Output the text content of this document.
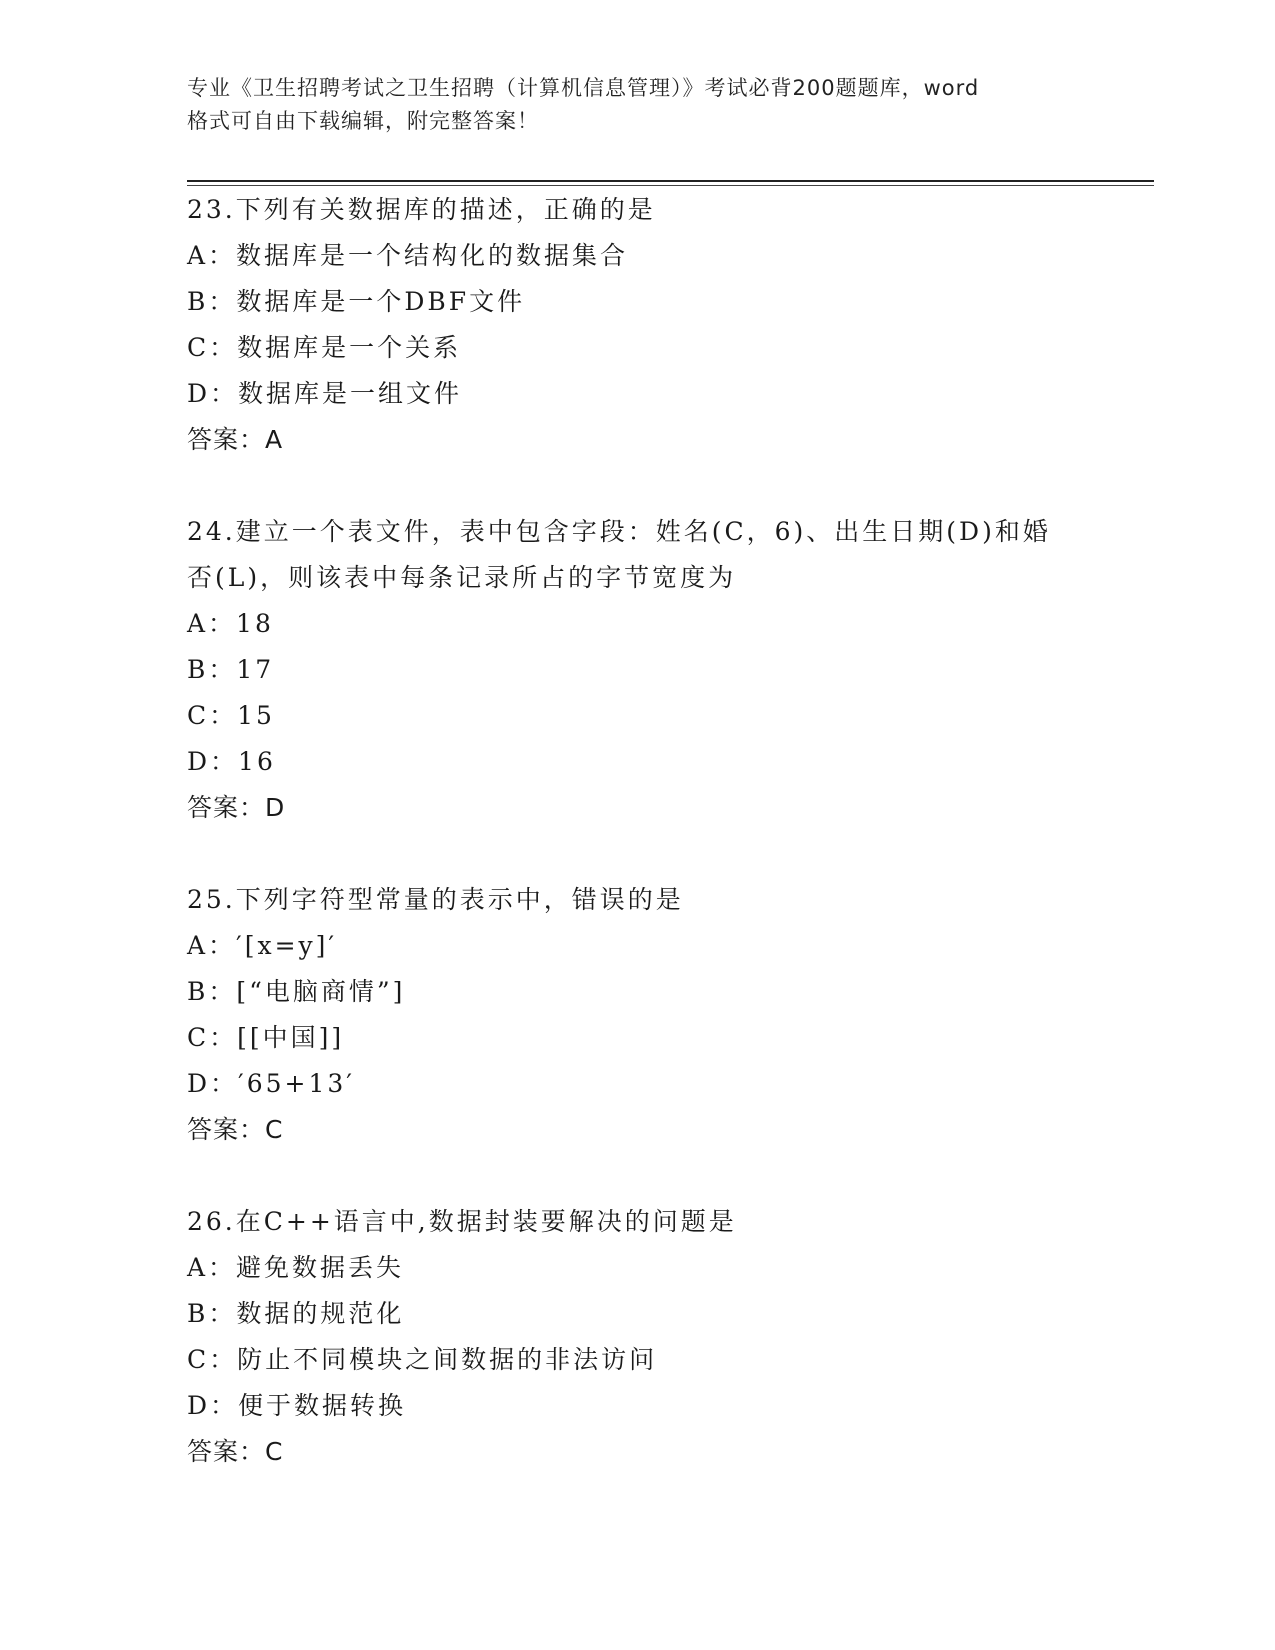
专业《卫生招聘考试之卫生招聘（计算机信息管理）》考试必背200题题库，word
格式可自由下载编辑，附完整答案！
23.下列有关数据库的描述，正确的是
A：数据库是一个结构化的数据集合
B：数据库是一个DBF文件
C：数据库是一个关系
D：数据库是一组文件
答案：A
24.建立一个表文件，表中包含字段：姓名(C，6)、出生日期(D)和婚否(L)，则该表中每条记录所占的字节宽度为
A：18
B：17
C：15
D：16
答案：D
25.下列字符型常量的表示中，错误的是
A：′[x=y]′
B：[“电脑商情”]
C：[[中国]]
D：′65+13′
答案：C
26.在C++语言中,数据封装要解决的问题是
A：避免数据丢失
B：数据的规范化
C：防止不同模块之间数据的非法访问
D：便于数据转换
答案：C
